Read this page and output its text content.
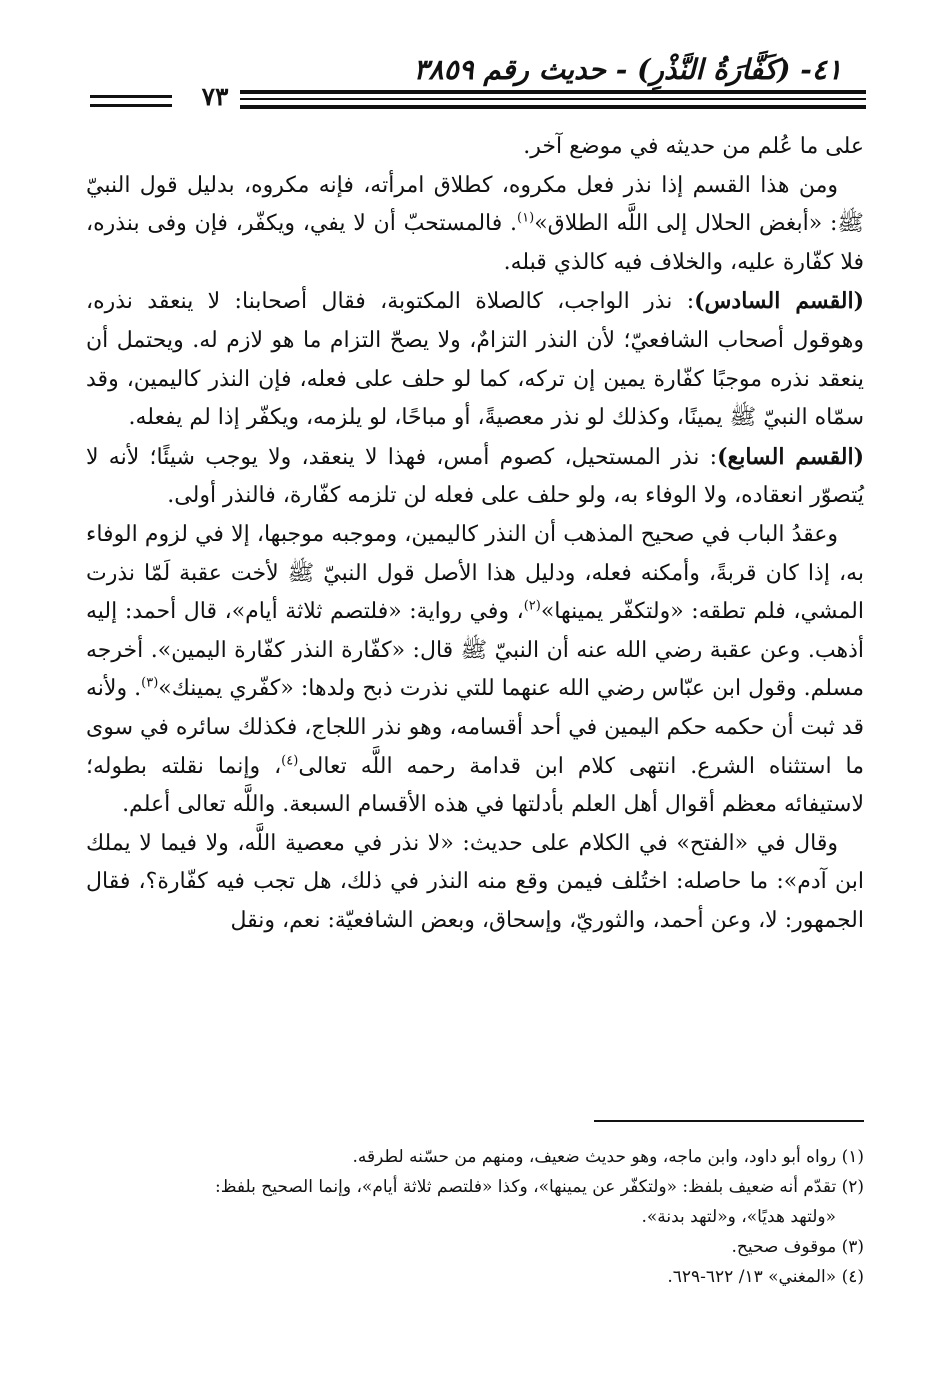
٤١- (كَفَّارَةُ النَّذْرِ) - حديث رقم ٣٨٥٩
٧٣

على ما عُلم من حديثه في موضع آخر.

ومن هذا القسم إذا نذر فعل مكروه، كطلاق امرأته، فإنه مكروه، بدليل قول النبيّ ﷺ: «أبغض الحلال إلى اللَّه الطلاق»$^{(١)}$. فالمستحبّ أن لا يفي، ويكفّر، فإن وفى بنذره، فلا كفّارة عليه، والخلاف فيه كالذي قبله.

(القسم السادس): نذر الواجب، كالصلاة المكتوبة، فقال أصحابنا: لا ينعقد نذره، وهوقول أصحاب الشافعيّ؛ لأن النذر التزامٌ، ولا يصحّ التزام ما هو لازم له. ويحتمل أن ينعقد نذره موجبًا كفّارة يمين إن تركه، كما لو حلف على فعله، فإن النذر كاليمين، وقد سمّاه النبيّ ﷺ يمينًا، وكذلك لو نذر معصيةً، أو مباحًا، لو يلزمه، ويكفّر إذا لم يفعله.

(القسم السابع): نذر المستحيل، كصوم أمس، فهذا لا ينعقد، ولا يوجب شيئًا؛ لأنه لا يُتصوّر انعقاده، ولا الوفاء به، ولو حلف على فعله لن تلزمه كفّارة، فالنذر أولى.

وعقدُ الباب في صحيح المذهب أن النذر كاليمين، وموجبه موجبها، إلا في لزوم الوفاء به، إذا كان قربةً، وأمكنه فعله، ودليل هذا الأصل قول النبيّ ﷺ لأخت عقبة لَمّا نذرت المشي، فلم تطقه: «ولتكفّر يمينها»$^{(٢)}$، وفي رواية: «فلتصم ثلاثة أيام»، قال أحمد: إليه أذهب. وعن عقبة رضي الله عنه أن النبيّ ﷺ قال: «كفّارة النذر كفّارة اليمين». أخرجه مسلم. وقول ابن عبّاس رضي الله عنهما للتي نذرت ذبح ولدها: «كفّري يمينك»$^{(٣)}$. ولأنه قد ثبت أن حكمه حكم اليمين في أحد أقسامه، وهو نذر اللجاج، فكذلك سائره في سوى ما استثناه الشرع. انتهى كلام ابن قدامة رحمه اللَّه تعالى$^{(٤)}$، وإنما نقلته بطوله؛ لاستيفائه معظم أقوال أهل العلم بأدلتها في هذه الأقسام السبعة. واللَّه تعالى أعلم.

وقال في «الفتح» في الكلام على حديث: «لا نذر في معصية اللَّه، ولا فيما لا يملك ابن آدم»: ما حاصله: اختُلف فيمن وقع منه النذر في ذلك، هل تجب فيه كفّارة؟، فقال الجمهور: لا، وعن أحمد، والثوريّ، وإسحاق، وبعض الشافعيّة: نعم، ونقل

(١) رواه أبو داود، وابن ماجه، وهو حديث ضعيف، ومنهم من حسّنه لطرقه.

(٢) تقدّم أنه ضعيف بلفظ: «ولتكفّر عن يمينها»، وكذا «فلتصم ثلاثة أيام»، وإنما الصحيح بلفظ:

«ولتهد هديًا»، و«لتهد بدنة».

(٣) موقوف صحيح.

(٤) «المغني» ١٣/ ٦٢٢-٦٢٩.
